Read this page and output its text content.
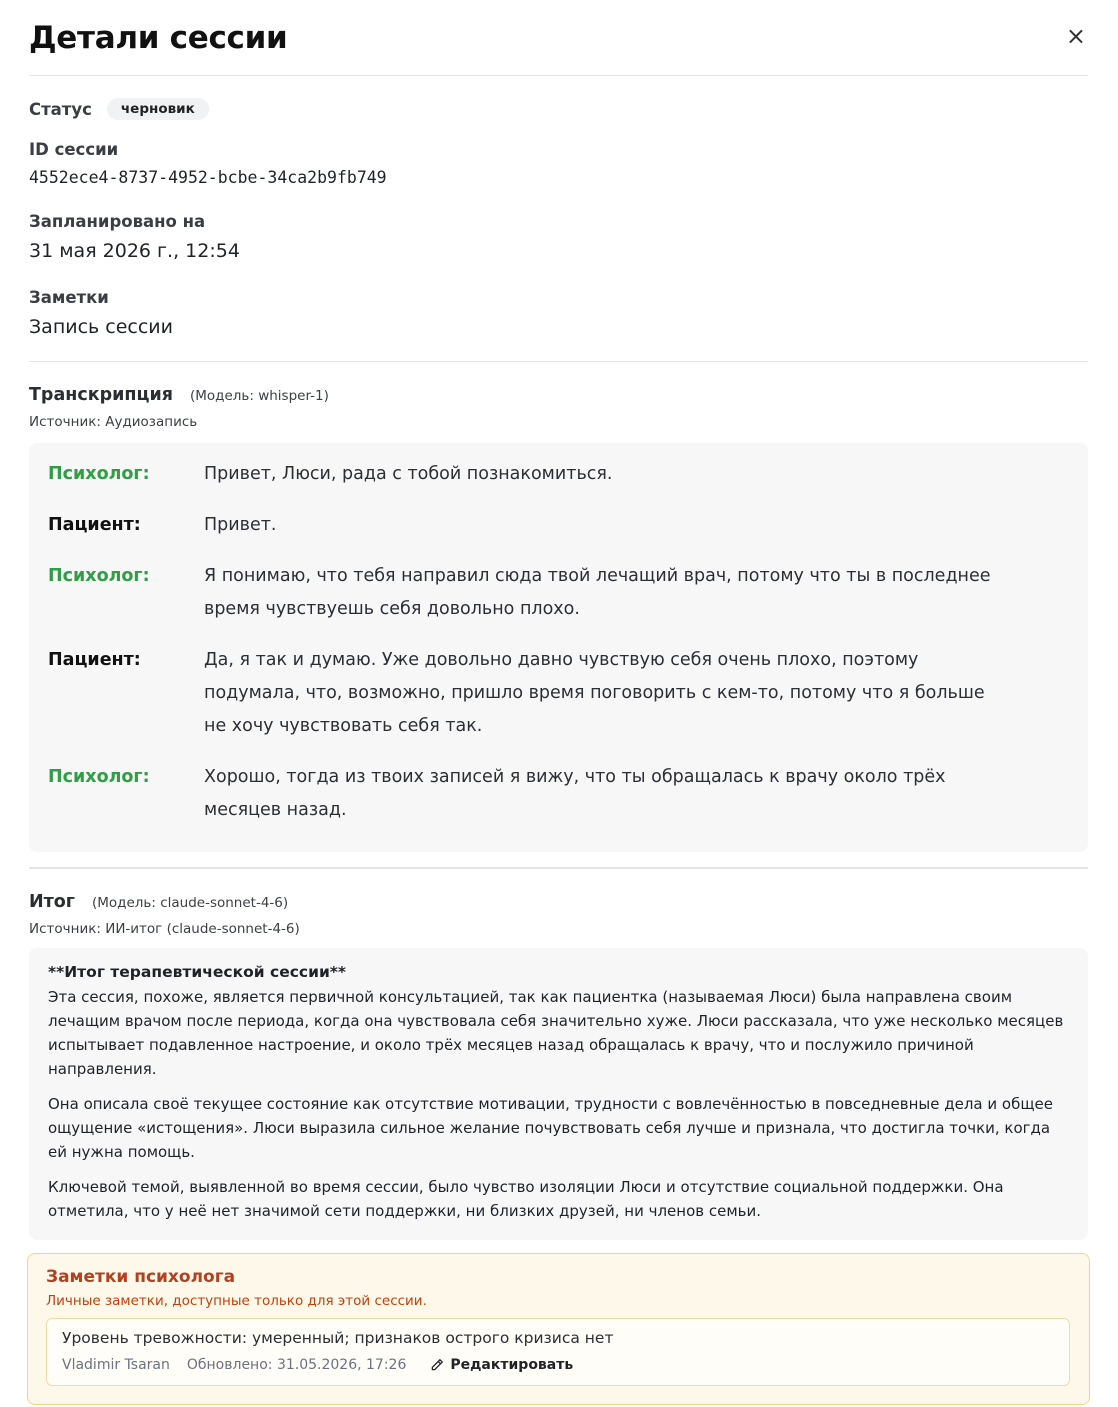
Детали сессии	×
Статус	черновик
ID сессии
4552ece4-8737-4952-bcbe-34ca2b9fb749
Запланировано на
31 мая 2026 г., 12:54
Заметки
Запись сессии
Транскрипция (Модель: whisper-1)
Источник: Аудиозапись
Психолог:	Привет, Люси, рада с тобой познакомиться.
Пациент:	Привет.
Психолог:	Я понимаю, что тебя направил сюда твой лечащий врач, потому что ты в последнее время чувствуешь себя довольно плохо.
Пациент:	Да, я так и думаю. Уже довольно давно чувствую себя очень плохо, поэтому подумала, что, возможно, пришло время поговорить с кем-то, потому что я больше не хочу чувствовать себя так.
Психолог:	Хорошо, тогда из твоих записей я вижу, что ты обращалась к врачу около трёх месяцев назад.
Итог (Модель: claude-sonnet-4-6)
Источник: ИИ-итог (claude-sonnet-4-6)
**Итог терапевтической сессии**

Эта сессия, похоже, является первичной консультацией, так как пациентка (называемая Люси) была направлена своим лечащим врачом после периода, когда она чувствовала себя значительно хуже. Люси рассказала, что уже несколько месяцев испытывает подавленное настроение, и около трёх месяцев назад обращалась к врачу, что и послужило причиной направления.

Она описала своё текущее состояние как отсутствие мотивации, трудности с вовлечённостью в повседневные дела и общее ощущение «истощения». Люси выразила сильное желание почувствовать себя лучше и признала, что достигла точки, когда ей нужна помощь.

Ключевой темой, выявленной во время сессии, было чувство изоляции Люси и отсутствие социальной поддержки. Она отметила, что у неё нет значимой сети поддержки, ни близких друзей, ни членов семьи.

Заметки психолога
Личные заметки, доступные только для этой сессии.
Уровень тревожности: умеренный; признаков острого кризиса нет
Vladimir Tsaran Обновлено: 31.05.2026, 17:26	Редактировать
